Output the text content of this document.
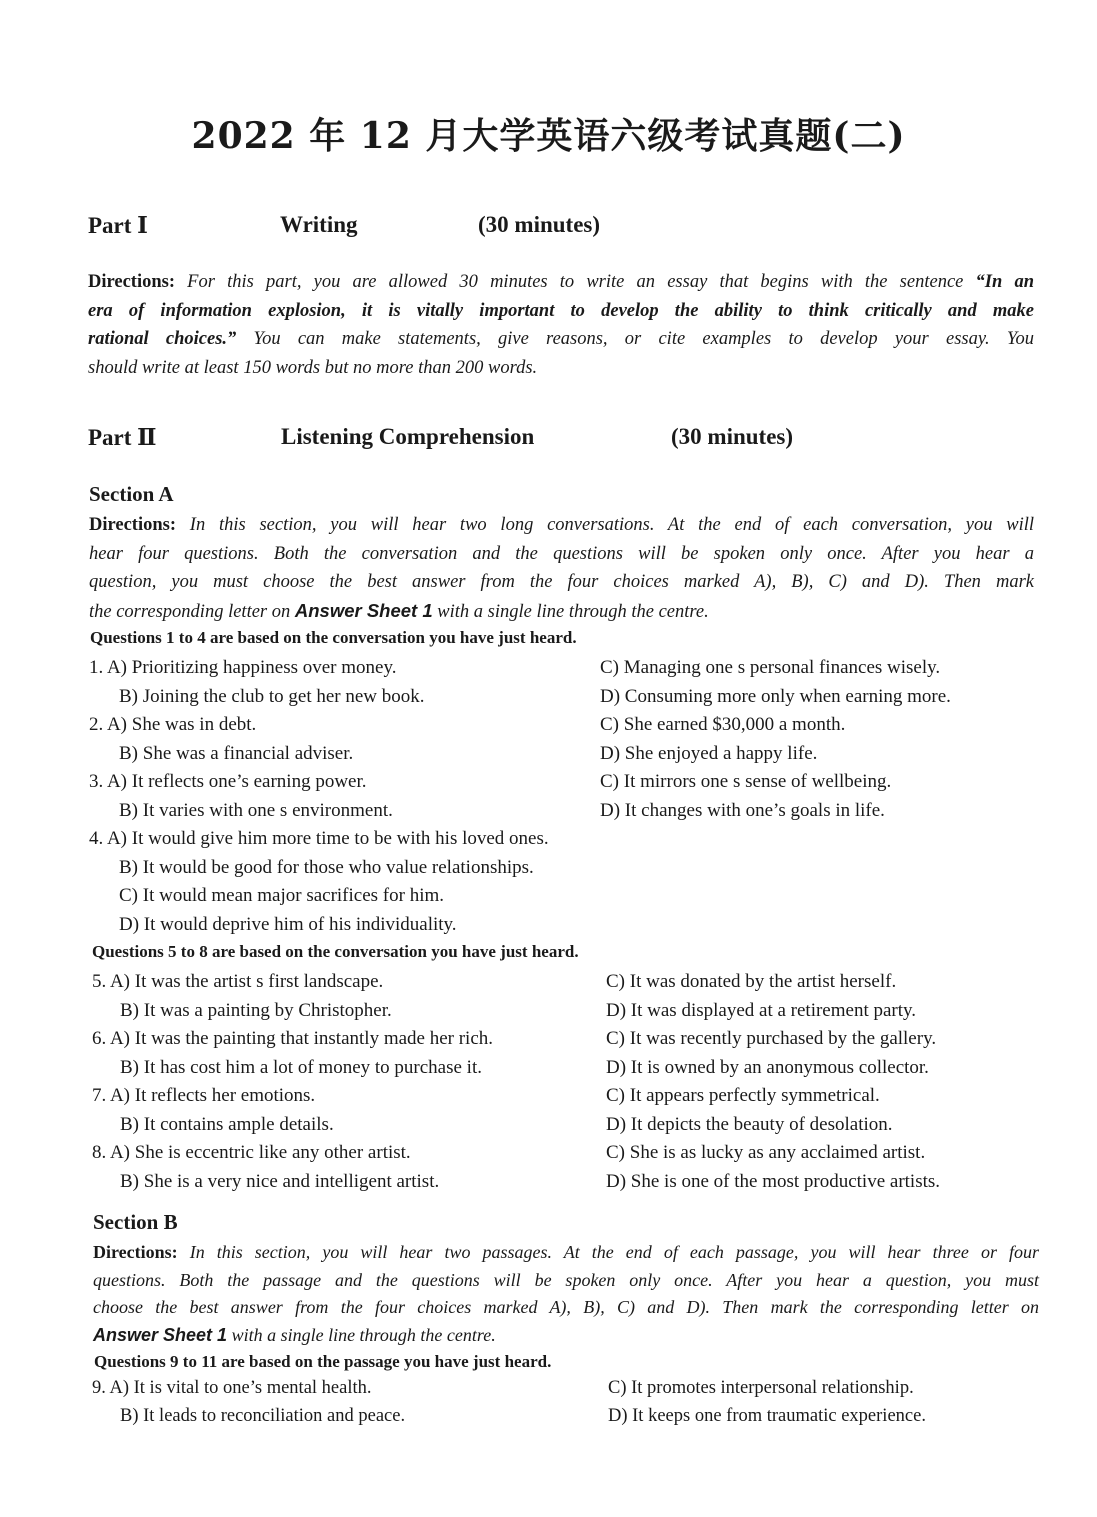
2022 年 12 月大学英语六级考试真题(二)
Part Ⅰ	Writing	(30 minutes)
Directions: For this part, you are allowed 30 minutes to write an essay that begins with the sentence “In an
era of information explosion, it is vitally important to develop the ability to think critically and make
rational choices.” You can make statements, give reasons, or cite examples to develop your essay. You
should write at least 150 words but no more than 200 words.
Part Ⅱ	Listening Comprehension	(30 minutes)
Section A
Directions: In this section, you will hear two long conversations. At the end of each conversation, you will
hear four questions. Both the conversation and the questions will be spoken only once. After you hear a
question, you must choose the best answer from the four choices marked A), B), C) and D). Then mark
the corresponding letter on Answer Sheet 1 with a single line through the centre.
Questions 1 to 4 are based on the conversation you have just heard.
1. A) Prioritizing happiness over money.	C) Managing one s personal finances wisely.
B) Joining the club to get her new book.	D) Consuming more only when earning more.
2. A) She was in debt.	C) She earned $30,000 a month.
B) She was a financial adviser.	D) She enjoyed a happy life.
3. A) It reflects one’s earning power.	C) It mirrors one s sense of wellbeing.
B) It varies with one s environment.	D) It changes with one’s goals in life.
4. A) It would give him more time to be with his loved ones.
B) It would be good for those who value relationships.
C) It would mean major sacrifices for him.
D) It would deprive him of his individuality.
Questions 5 to 8 are based on the conversation you have just heard.
5. A) It was the artist s first landscape.	C) It was donated by the artist herself.
B) It was a painting by Christopher.	D) It was displayed at a retirement party.
6. A) It was the painting that instantly made her rich.	C) It was recently purchased by the gallery.
B) It has cost him a lot of money to purchase it.	D) It is owned by an anonymous collector.
7. A) It reflects her emotions.	C) It appears perfectly symmetrical.
B) It contains ample details.	D) It depicts the beauty of desolation.
8. A) She is eccentric like any other artist.	C) She is as lucky as any acclaimed artist.
B) She is a very nice and intelligent artist.	D) She is one of the most productive artists.
Section B
Directions: In this section, you will hear two passages. At the end of each passage, you will hear three or four
questions. Both the passage and the questions will be spoken only once. After you hear a question, you must
choose the best answer from the four choices marked A), B), C) and D). Then mark the corresponding letter on
Answer Sheet 1 with a single line through the centre.
Questions 9 to 11 are based on the passage you have just heard.
9. A) It is vital to one’s mental health.	C) It promotes interpersonal relationship.
B) It leads to reconciliation and peace.	D) It keeps one from traumatic experience.
